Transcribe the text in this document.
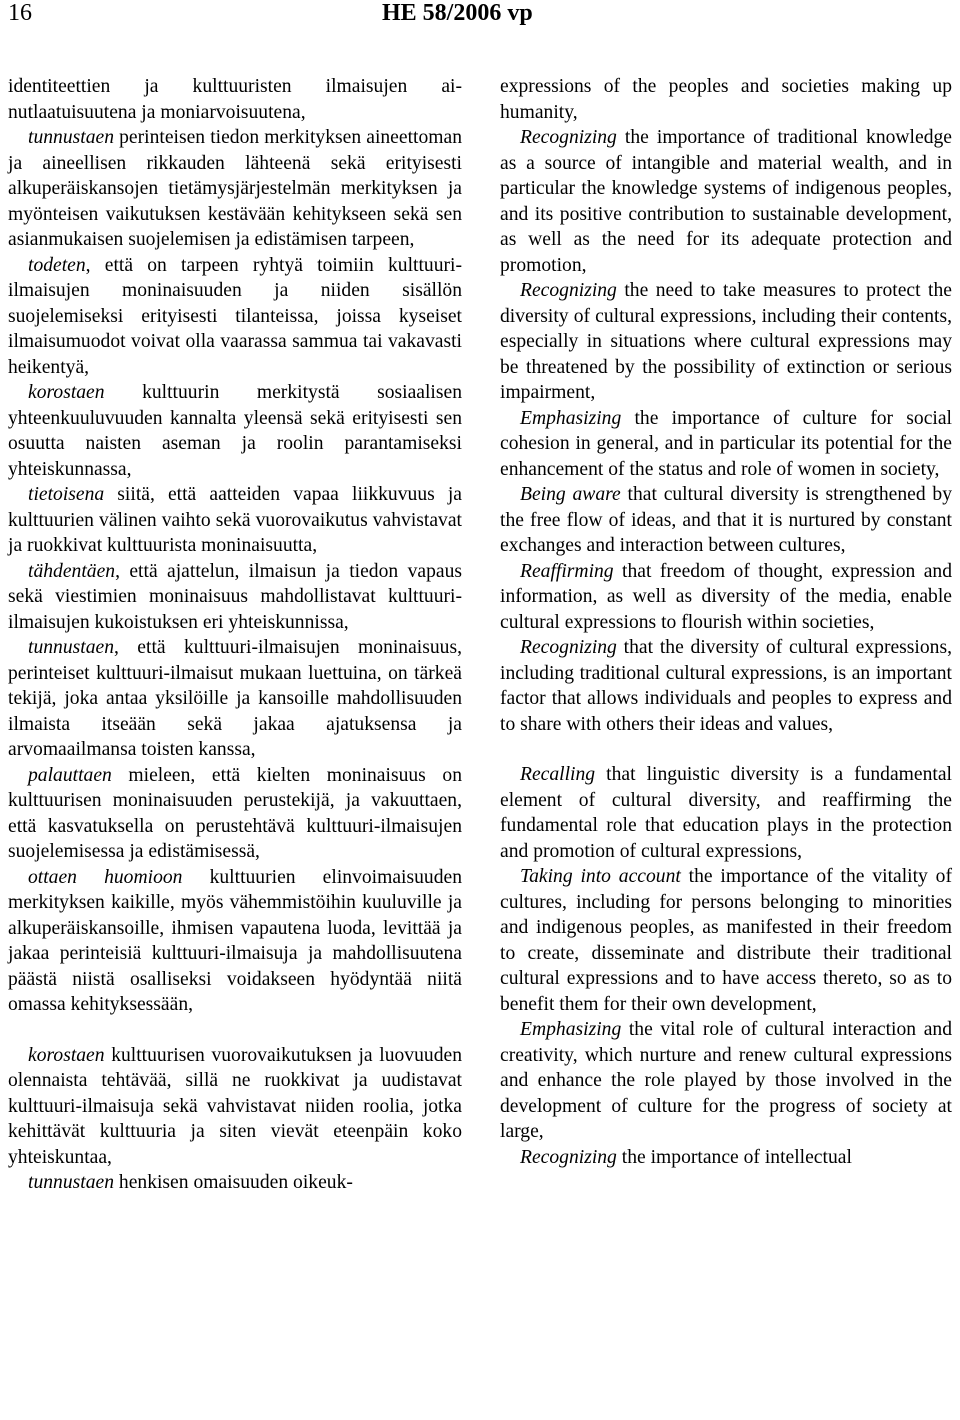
16	HE 58/2006 vp

identiteettien ja kulttuuristen ilmaisujen ainutlaatuisuutena ja moniarvoisuutena,

tunnustaen perinteisen tiedon merkityksen aineettoman ja aineellisen rikkauden lähteenä sekä erityisesti alkuperäiskansojen tietämysjärjestelmän merkityksen ja myönteisen vaikutuksen kestävään kehitykseen sekä sen asianmukaisen suojelemisen ja edistämisen tarpeen,

todeten, että on tarpeen ryhtyä toimiin kulttuuri-ilmaisujen moninaisuuden ja niiden sisällön suojelemiseksi erityisesti tilanteissa, joissa kyseiset ilmaisumuodot voivat olla vaarassa sammua tai vakavasti heikentyä,

korostaen kulttuurin merkitystä sosiaalisen yhteenkuuluvuuden kannalta yleensä sekä erityisesti sen osuutta naisten aseman ja roolin parantamiseksi yhteiskunnassa,

tietoisena siitä, että aatteiden vapaa liikkuvuus ja kulttuurien välinen vaihto sekä vuorovaikutus vahvistavat ja ruokkivat kulttuurista moninaisuutta,

tähdentäen, että ajattelun, ilmaisun ja tiedon vapaus sekä viestimien moninaisuus mahdollistavat kulttuuri-ilmaisujen kukoistuksen eri yhteiskunnissa,

tunnustaen, että kulttuuri-ilmaisujen moninaisuus, perinteiset kulttuuri-ilmaisut mukaan luettuina, on tärkeä tekijä, joka antaa yksilöille ja kansoille mahdollisuuden ilmaista itseään sekä jakaa ajatuksensa ja arvomaailmansa toisten kanssa,

palauttaen mieleen, että kielten moninaisuus on kulttuurisen moninaisuuden perustekijä, ja vakuuttaen, että kasvatuksella on perustehtävä kulttuuri-ilmaisujen suojelemisessa ja edistämisessä,

ottaen huomioon kulttuurien elinvoimaisuuden merkityksen kaikille, myös vähemmistöihin kuuluville ja alkuperäiskansoille, ihmisen vapautena luoda, levittää ja jakaa perinteisiä kulttuuri-ilmaisuja ja mahdollisuutena päästä niistä osalliseksi voidakseen hyödyntää niitä omassa kehityksessään,

korostaen kulttuurisen vuorovaikutuksen ja luovuuden olennaista tehtävää, sillä ne ruokkivat ja uudistavat kulttuuri-ilmaisuja sekä vahvistavat niiden roolia, jotka kehittävät kulttuuria ja siten vievät eteenpäin koko yhteiskuntaa,

tunnustaen henkisen omaisuuden oikeuk-

expressions of the peoples and societies making up humanity,

Recognizing the importance of traditional knowledge as a source of intangible and material wealth, and in particular the knowledge systems of indigenous peoples, and its positive contribution to sustainable development, as well as the need for its adequate protection and promotion,

Recognizing the need to take measures to protect the diversity of cultural expressions, including their contents, especially in situations where cultural expressions may be threatened by the possibility of extinction or serious impairment,

Emphasizing the importance of culture for social cohesion in general, and in particular its potential for the enhancement of the status and role of women in society,

Being aware that cultural diversity is strengthened by the free flow of ideas, and that it is nurtured by constant exchanges and interaction between cultures,

Reaffirming that freedom of thought, expression and information, as well as diversity of the media, enable cultural expressions to flourish within societies,

Recognizing that the diversity of cultural expressions, including traditional cultural expressions, is an important factor that allows individuals and peoples to express and to share with others their ideas and values,

Recalling that linguistic diversity is a fundamental element of cultural diversity, and reaffirming the fundamental role that education plays in the protection and promotion of cultural expressions,

Taking into account the importance of the vitality of cultures, including for persons belonging to minorities and indigenous peoples, as manifested in their freedom to create, disseminate and distribute their traditional cultural expressions and to have access thereto, so as to benefit them for their own development,

Emphasizing the vital role of cultural interaction and creativity, which nurture and renew cultural expressions and enhance the role played by those involved in the development of culture for the progress of society at large,

Recognizing the importance of intellectual
